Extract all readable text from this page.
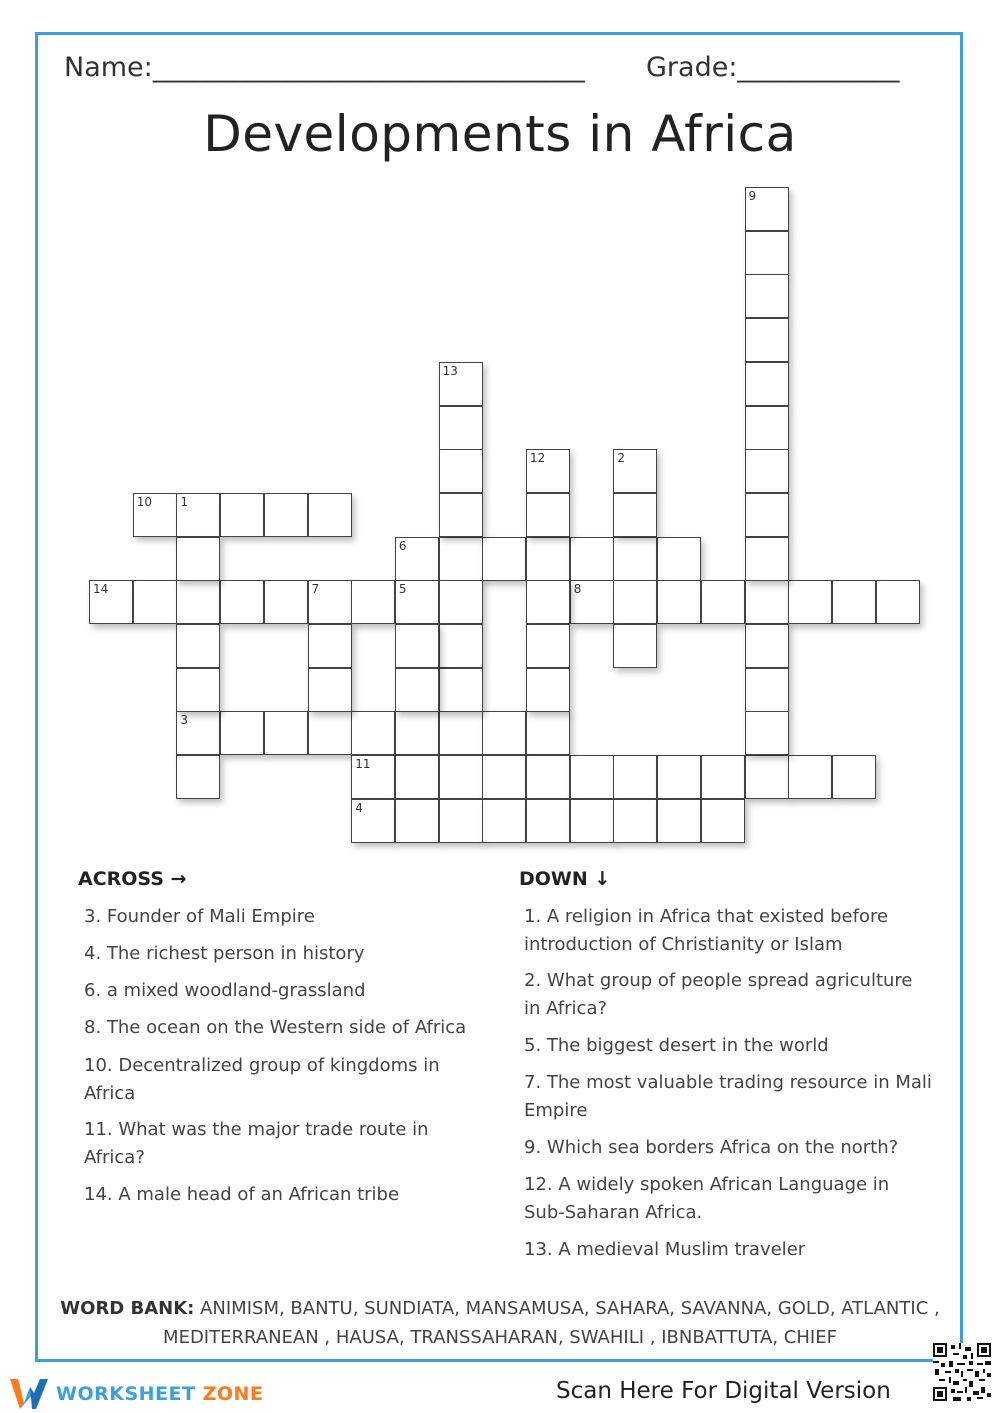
Name:________________________________ Grade:____________
Developments in Africa
10 1
6
14	7	5	8
3
11
4
9
13
12	2
ACROSS →	DOWN ↓
3. Founder of Mali Empire
4. The richest person in history
6. a mixed woodland-grassland
8. The ocean on the Western side of Africa
10. Decentralized group of kingdoms in Africa
11. What was the major trade route in Africa?
14. A male head of an African tribe
1. A religion in Africa that existed before introduction of Christianity or Islam
2. What group of people spread agriculture in Africa?
5. The biggest desert in the world
7. The most valuable trading resource in Mali Empire
9. Which sea borders Africa on the north?
12. A widely spoken African Language in Sub-Saharan Africa.
13. A medieval Muslim traveler
WORD BANK: ANIMISM, BANTU, SUNDIATA, MANSAMUSA, SAHARA, SAVANNA, GOLD, ATLANTIC , MEDITERRANEAN , HAUSA, TRANSSAHARAN, SWAHILI , IBNBATTUTA, CHIEF
WORKSHEET ZONE	Scan Here For Digital Version
